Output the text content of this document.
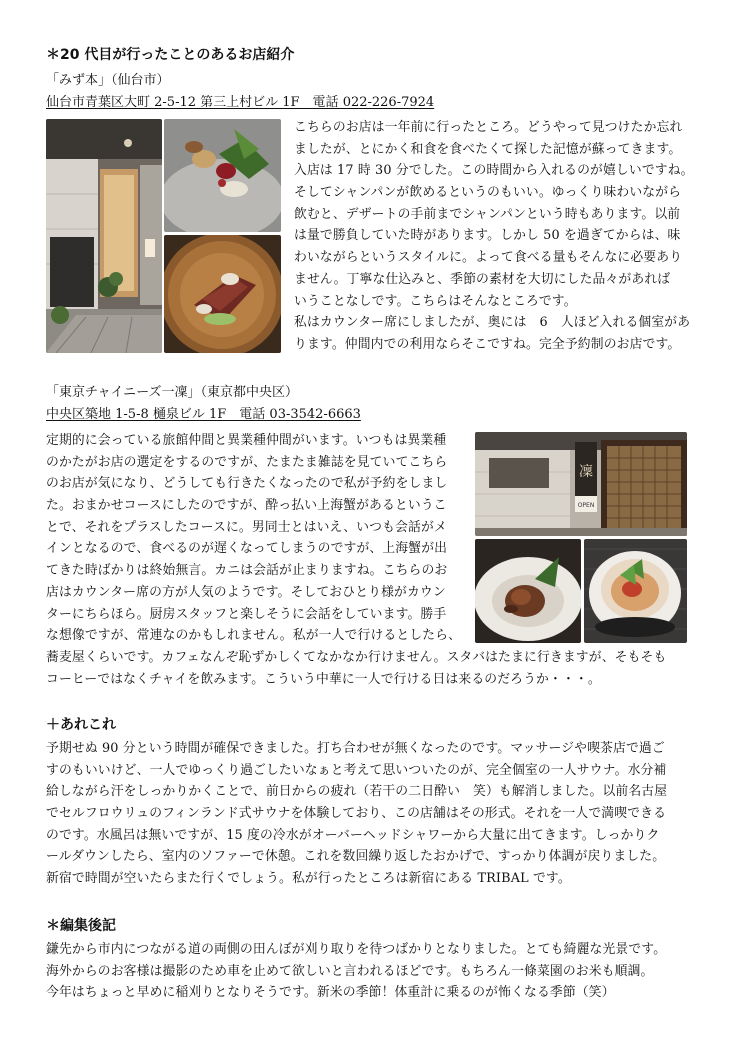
＊20 代目が行ったことのあるお店紹介
「みず本」（仙台市）
仙台市青葉区大町 2-5-12 第三上村ビル 1F　電話 022-226-7924
こちらのお店は一年前に行ったところ。どうやって見つけたか忘れ
ましたが、とにかく和食を食べたくて探した記憶が蘇ってきます。
入店は 17 時 30 分でした。この時間から入れるのが嬉しいですね。
そしてシャンパンが飲めるというのもいい。ゆっくり味わいながら
飲むと、デザートの手前までシャンパンという時もあります。以前
は量で勝負していた時があります。しかし 50 を過ぎてからは、味
わいながらというスタイルに。よって食べる量もそんなに必要あり
ません。丁寧な仕込みと、季節の素材を大切にした品々があれば
いうことなしです。こちらはそんなところです。
私はカウンター席にしましたが、奥には　6　人ほど入れる個室があ
ります。仲間内での利用ならそこですね。完全予約制のお店です。
「東京チャイニーズ一凜」（東京都中央区）
中央区築地 1-5-8 樋泉ビル 1F　電話 03-3542-6663
凜
OPEN
定期的に会っている旅館仲間と異業種仲間がいます。いつもは異業種
のかたがお店の選定をするのですが、たまたま雑誌を見ていてこちら
のお店が気になり、どうしても行きたくなったので私が予約をしまし
た。おまかせコースにしたのですが、酔っ払い上海蟹があるというこ
とで、それをプラスしたコースに。男同士とはいえ、いつも会話がメ
インとなるので、食べるのが遅くなってしまうのですが、上海蟹が出
てきた時ばかりは終始無言。カニは会話が止まりますね。こちらのお
店はカウンター席の方が人気のようです。そしておひとり様がカウン
ターにちらほら。厨房スタッフと楽しそうに会話をしています。勝手
な想像ですが、常連なのかもしれません。私が一人で行けるとしたら、
蕎麦屋くらいです。カフェなんぞ恥ずかしくてなかなか行けません。スタバはたまに行きますが、そもそも
コーヒーではなくチャイを飲みます。こういう中華に一人で行ける日は来るのだろうか・・・。
＋あれこれ
予期せぬ 90 分という時間が確保できました。打ち合わせが無くなったのです。マッサージや喫茶店で過ご
すのもいいけど、一人でゆっくり過ごしたいなぁと考えて思いついたのが、完全個室の一人サウナ。水分補
給しながら汗をしっかりかくことで、前日からの疲れ（若干の二日酔い　笑）も解消しました。以前名古屋
でセルフロウリュのフィンランド式サウナを体験しており、この店舗はその形式。それを一人で満喫できる
のです。水風呂は無いですが、15 度の冷水がオーバーヘッドシャワーから大量に出てきます。しっかりク
ールダウンしたら、室内のソファーで休憩。これを数回繰り返したおかげで、すっかり体調が戻りました。
新宿で時間が空いたらまた行くでしょう。私が行ったところは新宿にある TRIBAL です。
＊編集後記
鎌先から市内につながる道の両側の田んぼが刈り取りを待つばかりとなりました。とても綺麗な光景です。
海外からのお客様は撮影のため車を止めて欲しいと言われるほどです。もちろん一條菜園のお米も順調。
今年はちょっと早めに稲刈りとなりそうです。新米の季節！体重計に乗るのが怖くなる季節（笑）
